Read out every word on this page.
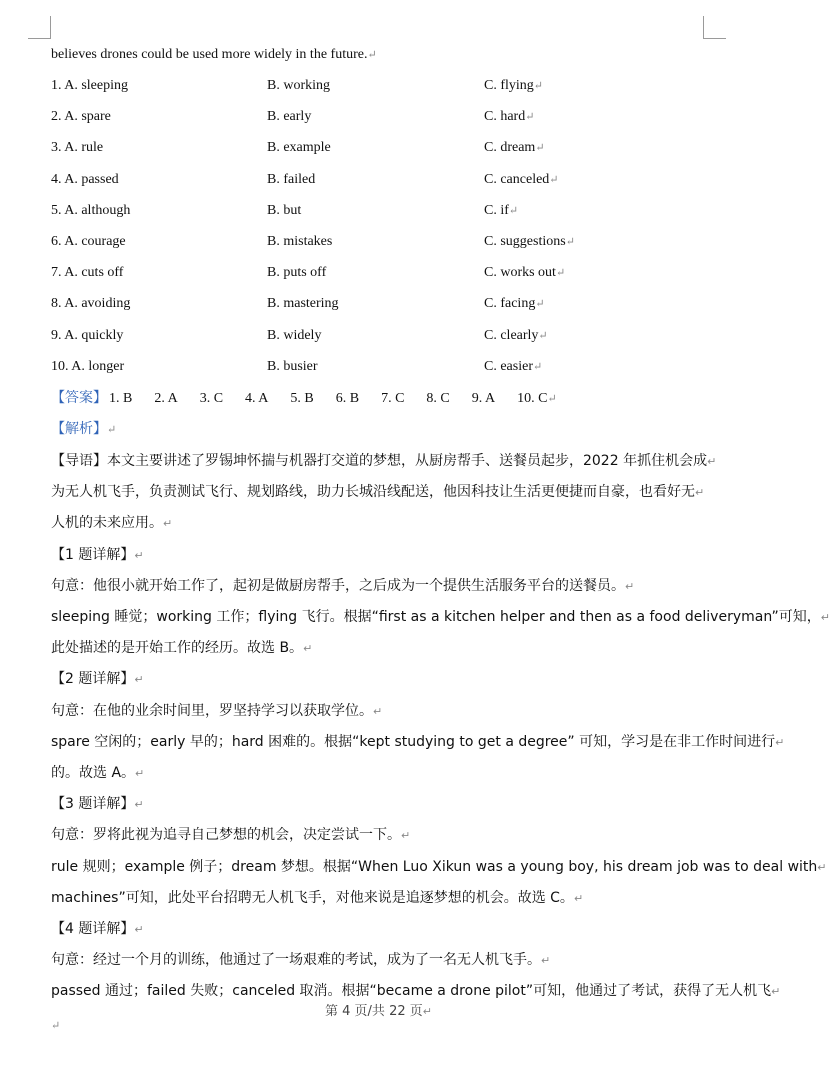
believes drones could be used more widely in the future.↵
1. A. sleeping	B. working	C. flying↵
2. A. spare	B. early	C. hard↵
3. A. rule	B. example	C. dream↵
4. A. passed	B. failed	C. canceled↵
5. A. although	B. but	C. if↵
6. A. courage	B. mistakes	C. suggestions↵
7. A. cuts off	B. puts off	C. works out↵
8. A. avoiding	B. mastering	C. facing↵
9. A. quickly	B. widely	C. clearly↵
10. A. longer	B. busier	C. easier↵
【答案】 1. B 2. A 3. C 4. A 5. B 6. B 7. C 8. C 9. A 10. C↵
【解析】↵
【导语】本文主要讲述了罗锡坤怀揣与机器打交道的梦想，从厨房帮手、送餐员起步，2022 年抓住机会成↵
为无人机飞手，负责测试飞行、规划路线，助力长城沿线配送，他因科技让生活更便捷而自豪，也看好无↵
人机的未来应用。↵
【1 题详解】↵
句意：他很小就开始工作了，起初是做厨房帮手，之后成为一个提供生活服务平台的送餐员。↵
sleeping 睡觉；working 工作；flying 飞行。根据“first as a kitchen helper and then as a food deliveryman”可知，↵
此处描述的是开始工作的经历。故选 B。↵
【2 题详解】↵
句意：在他的业余时间里，罗坚持学习以获取学位。↵
spare 空闲的；early 早的；hard 困难的。根据“kept studying to get a degree” 可知，学习是在非工作时间进行↵
的。故选 A。↵
【3 题详解】↵
句意：罗将此视为追寻自己梦想的机会，决定尝试一下。↵
rule 规则；example 例子；dream 梦想。根据“When Luo Xikun was a young boy, his dream job was to deal with↵
machines”可知，此处平台招聘无人机飞手，对他来说是追逐梦想的机会。故选 C。↵
【4 题详解】↵
句意：经过一个月的训练，他通过了一场艰难的考试，成为了一名无人机飞手。↵
passed 通过；failed 失败；canceled 取消。根据“became a drone pilot”可知，他通过了考试，获得了无人机飞↵
第 4 页/共 22 页↵
↵
